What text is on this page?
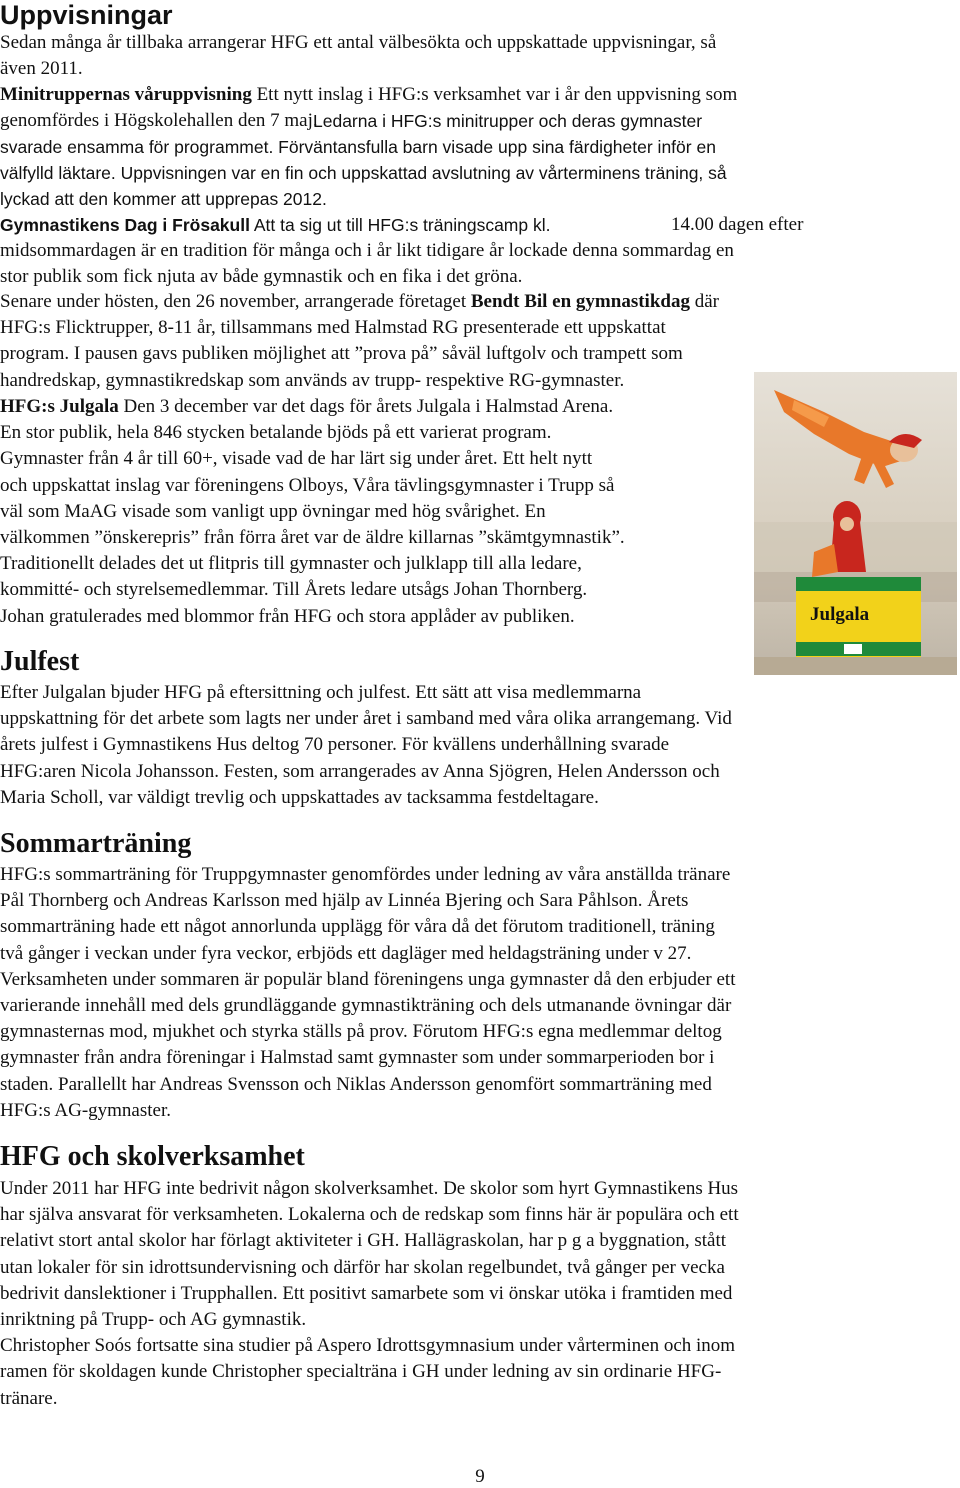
Uppvisningar
Sedan många år tillbaka arrangerar HFG ett antal välbesökta och uppskattade uppvisningar, så
även 2011.
Minitruppernas våruppvisning Ett nytt inslag i HFG:s verksamhet var i år den uppvisning som
genomfördes i Högskolehallen den 7 maj.
Ledarna i HFG:s minitrupper och deras gymnaster
svarade ensamma för programmet. Förväntansfulla barn visade upp sina färdigheter inför en
välfylld läktare. Uppvisningen var en fin och uppskattad avslutning av vårterminens träning, så
lyckad att den kommer att upprepas 2012.
Gymnastikens Dag i Frösakull Att ta sig ut till HFG:s träningscamp kl.	14.00 dagen efter
midsommardagen är en tradition för många och i år likt tidigare år lockade denna sommardag en
stor publik som fick njuta av både gymnastik och en fika i det gröna.
Senare under hösten, den 26 november, arrangerade företaget Bendt Bil en gymnastikdag där
HFG:s Flicktrupper, 8-11 år, tillsammans med Halmstad RG presenterade ett uppskattat
program. I pausen gavs publiken möjlighet att ”prova på” såväl luftgolv och trampett som
handredskap, gymnastikredskap som används av trupp- respektive RG-gymnaster.
HFG:s Julgala Den 3 december var det dags för årets Julgala i Halmstad Arena.
En stor publik, hela 846 stycken betalande bjöds på ett varierat program.
Gymnaster från 4 år till 60+, visade vad de har lärt sig under året. Ett helt nytt
och uppskattat inslag var föreningens Olboys, Våra tävlingsgymnaster i Trupp så
väl som MaAG visade som vanligt upp övningar med hög svårighet. En
välkommen ”önskerepris” från förra året var de äldre killarnas ”skämtgymnastik”.
Traditionellt delades det ut flitpris till gymnaster och julklapp till alla ledare,
kommitté- och styrelsemedlemmar. Till Årets ledare utsågs Johan Thornberg.
Johan gratulerades med blommor från HFG och stora applåder av publiken.	Julgala
Julfest
Efter Julgalan bjuder HFG på eftersittning och julfest. Ett sätt att visa medlemmarna
uppskattning för det arbete som lagts ner under året i samband med våra olika arrangemang. Vid
årets julfest i Gymnastikens Hus deltog 70 personer. För kvällens underhållning svarade
HFG:aren Nicola Johansson. Festen, som arrangerades av Anna Sjögren, Helen Andersson och
Maria Scholl, var väldigt trevlig och uppskattades av tacksamma festdeltagare.
Sommarträning
HFG:s sommarträning för Truppgymnaster genomfördes under ledning av våra anställda tränare
Pål Thornberg och Andreas Karlsson med hjälp av Linnéa Bjering och Sara Påhlson. Årets
sommarträning hade ett något annorlunda upplägg för våra då det förutom traditionell, träning
två gånger i veckan under fyra veckor, erbjöds ett dagläger med heldagsträning under v 27.
Verksamheten under sommaren är populär bland föreningens unga gymnaster då den erbjuder ett
varierande innehåll med dels grundläggande gymnastikträning och dels utmanande övningar där
gymnasternas mod, mjukhet och styrka ställs på prov. Förutom HFG:s egna medlemmar deltog
gymnaster från andra föreningar i Halmstad samt gymnaster som under sommarperioden bor i
staden. Parallellt har Andreas Svensson och Niklas Andersson genomfört sommarträning med
HFG:s AG-gymnaster.
HFG och skolverksamhet
Under 2011 har HFG inte bedrivit någon skolverksamhet. De skolor som hyrt Gymnastikens Hus
har själva ansvarat för verksamheten. Lokalerna och de redskap som finns här är populära och ett
relativt stort antal skolor har förlagt aktiviteter i GH. Hallägraskolan, har p g a byggnation, stått
utan lokaler för sin idrottsundervisning och därför har skolan regelbundet, två gånger per vecka
bedrivit danslektioner i Trupphallen. Ett positivt samarbete som vi önskar utöka i framtiden med
inriktning på Trupp- och AG gymnastik.
Christopher Soós fortsatte sina studier på Aspero Idrottsgymnasium under vårterminen och inom
ramen för skoldagen kunde Christopher specialträna i GH under ledning av sin ordinarie HFG-
tränare.
9
